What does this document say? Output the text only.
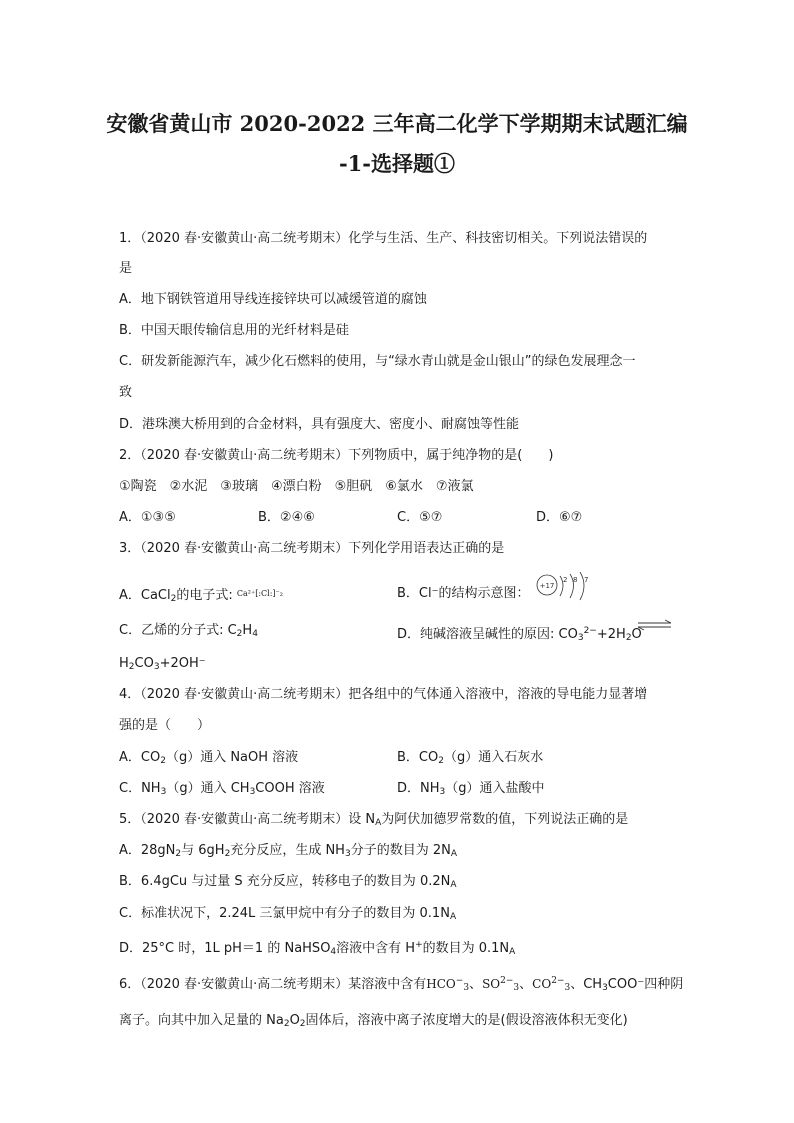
安徽省黄山市 2020-2022 三年高二化学下学期期末试题汇编
-1-选择题①
1．（2020 春·安徽黄山·高二统考期末）化学与生活、生产、科技密切相关。下列说法错误的
是
A．地下钢铁管道用导线连接锌块可以减缓管道的腐蚀
B．中国天眼传输信息用的光纤材料是硅
C．研发新能源汽车，减少化石燃料的使用，与“绿水青山就是金山银山”的绿色发展理念一
致
D．港珠澳大桥用到的合金材料，具有强度大、密度小、耐腐蚀等性能
2．（2020 春·安徽黄山·高二统考期末）下列物质中，属于纯净物的是(　　)
①陶瓷　②水泥　③玻璃　④漂白粉　⑤胆矾　⑥氯水　⑦液氯
A．①③⑤	B．②④⑥	C．⑤⑦	D．⑥⑦
3．（2020 春·安徽黄山·高二统考期末）下列化学用语表达正确的是
A．CaCl$_2$的电子式: $^{Ca^{2+}[:Cl:]^-_2}$	B．Cl⁻的结构示意图： +17
2 8 7
C．乙烯的分子式: $C_2H_4$	D．纯碱溶液呈碱性的原因: $CO_3^{2-}+2H_2O$
$H_2CO_3+2OH^-$
4．（2020 春·安徽黄山·高二统考期末）把各组中的气体通入溶液中，溶液的导电能力显著增
强的是（　　）
A．$CO_2(g)$通入 NaOH 溶液	B．$CO_2(g)$通入石灰水
C．$NH_3(g)$通入 $CH_3COOH$ 溶液	D．$NH_3(g)$通入盐酸中
5．（2020 春·安徽黄山·高二统考期末）设 $N_A$为阿伏加德罗常数的值，下列说法正确的是
A．$28gN_2$与 $6gH_2$充分反应，生成 $NH_3$分子的数目为 $2N_A$
B．6.4gCu 与过量 S 充分反应，转移电子的数目为 $0.2N_A$
C．标准状况下，2.24L 三氯甲烷中有分子的数目为 $0.1N_A$
D．25°C 时，1L pH＝1 的 NaHSO$_4$溶液中含有 H+的数目为 $0.1N_A$
6．（2020 春·安徽黄山·高二统考期末）某溶液中含有$HCO^-_3$、$SO^{2-}_3$、$CO^{2-}_3$、$CH_3COO^-$四种阴
离子。向其中加入足量的 $Na_2O_2$固体后，溶液中离子浓度增大的是(假设溶液体积无变化)
